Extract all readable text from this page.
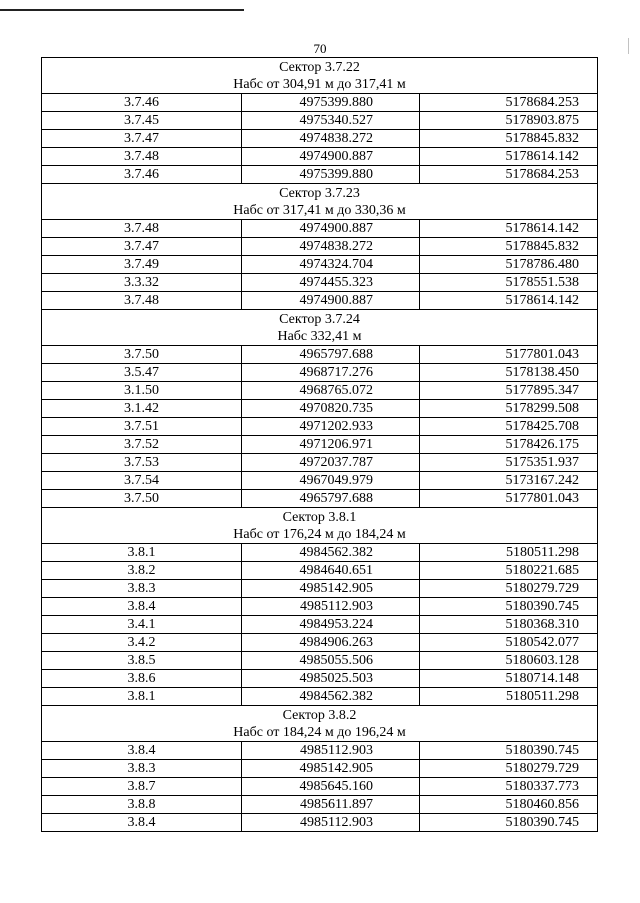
70
Сектор 3.7.22
Набс от 304,91 м до 317,41 м		

3.7.46	4975399.880	5178684.253
3.7.45	4975340.527	5178903.875
3.7.47	4974838.272	5178845.832
3.7.48	4974900.887	5178614.142
3.7.46	4975399.880	5178684.253

Сектор 3.7.23
Набс от 317,41 м до 330,36 м		

3.7.48	4974900.887	5178614.142
3.7.47	4974838.272	5178845.832
3.7.49	4974324.704	5178786.480
3.3.32	4974455.323	5178551.538
3.7.48	4974900.887	5178614.142

Сектор 3.7.24
Набс 332,41 м		

3.7.50	4965797.688	5177801.043
3.5.47	4968717.276	5178138.450
3.1.50	4968765.072	5177895.347
3.1.42	4970820.735	5178299.508
3.7.51	4971202.933	5178425.708
3.7.52	4971206.971	5178426.175
3.7.53	4972037.787	5175351.937
3.7.54	4967049.979	5173167.242
3.7.50	4965797.688	5177801.043

Сектор 3.8.1
Набс от 176,24 м до 184,24 м		

3.8.1	4984562.382	5180511.298
3.8.2	4984640.651	5180221.685
3.8.3	4985142.905	5180279.729
3.8.4	4985112.903	5180390.745
3.4.1	4984953.224	5180368.310
3.4.2	4984906.263	5180542.077
3.8.5	4985055.506	5180603.128
3.8.6	4985025.503	5180714.148
3.8.1	4984562.382	5180511.298

Сектор 3.8.2
Набс от 184,24 м до 196,24 м		

3.8.4	4985112.903	5180390.745
3.8.3	4985142.905	5180279.729
3.8.7	4985645.160	5180337.773
3.8.8	4985611.897	5180460.856
3.8.4	4985112.903	5180390.745
